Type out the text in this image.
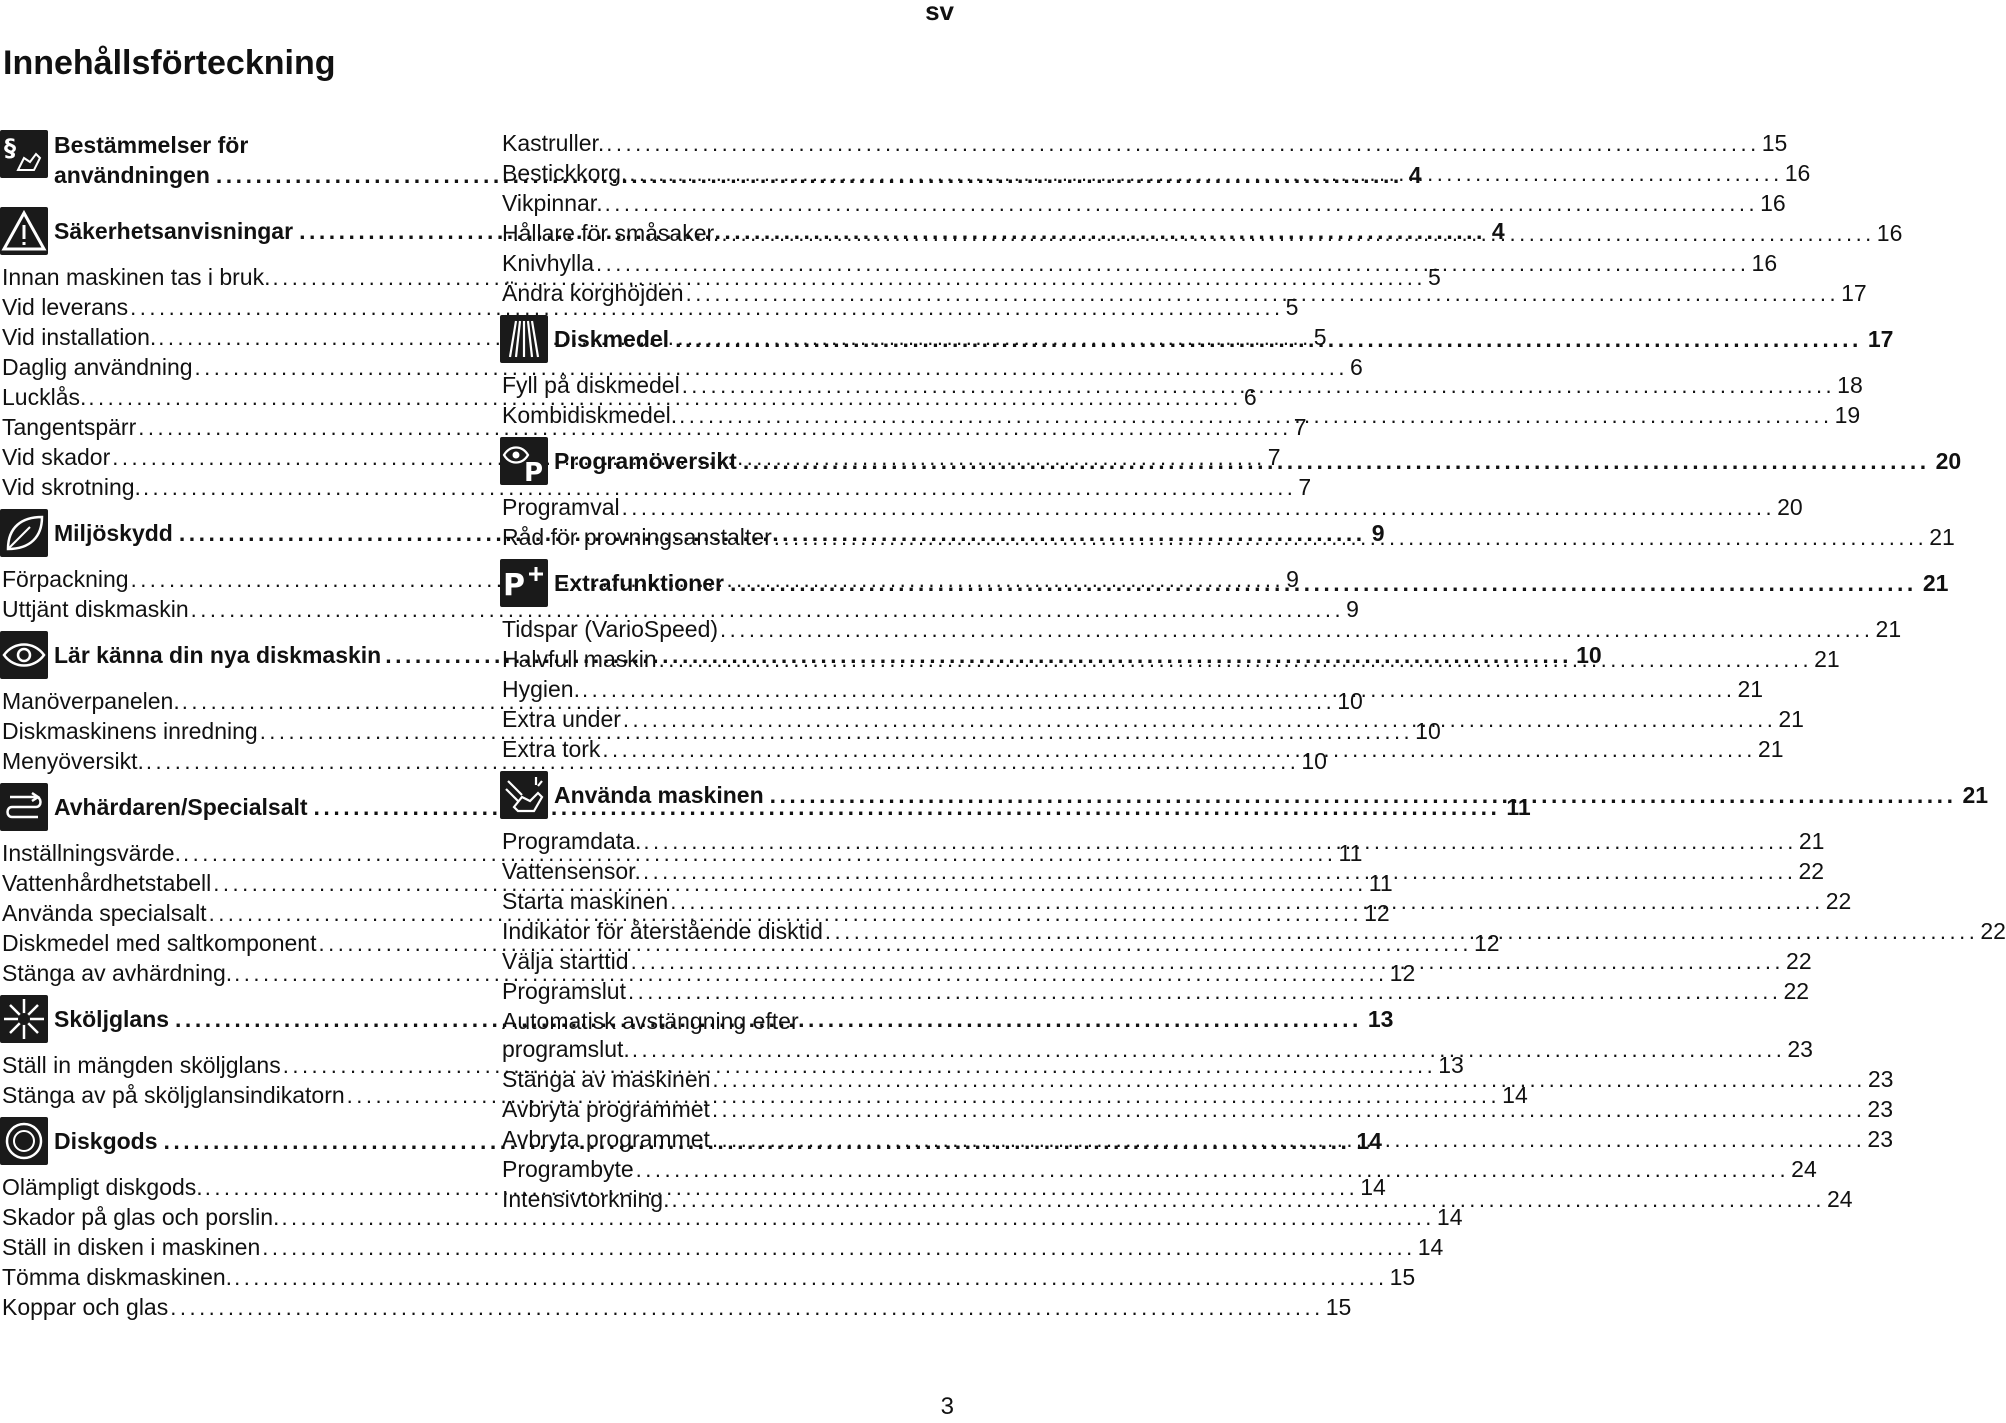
sv
Innehållsförteckning
§ Bestämmelser för
användningen .....	4
Säkerhetsanvisningar .....	4
Innan maskinen tas i bruk. .....	5
Vid leverans .....	5
Vid installation. .....	5
Daglig användning .....	6
Lucklås. .....	6
Tangentspärr .....	7
Vid skador .....	7
Vid skrotning. .....	7
Miljöskydd .....	9
Förpackning .....	9
Uttjänt diskmaskin .....	9
Lär känna din nya diskmaskin .....	10
Manöverpanelen. .....	10
Diskmaskinens inredning .....	10
Menyöversikt. .....	10
Avhärdaren/Specialsalt .....	11
Inställningsvärde. .....	11
Vattenhårdhetstabell .....	11
Använda specialsalt .....	12
Diskmedel med saltkomponent .....	12
Stänga av avhärdning. .....	12
Sköljglans .....	13
Ställ in mängden sköljglans .....	13
Stänga av på sköljglansindikatorn .....	14
Diskgods .....	14
Olämpligt diskgods. .....	14
Skador på glas och porslin. .....	14
Ställ in disken i maskinen .....	14
Tömma diskmaskinen. .....	15
Koppar och glas .....	15
Kastruller. .....	15
Bestickkorg. .....	16
Vikpinnar. .....	16
Hållare för småsaker. .....	16
Knivhylla .....	16
Ändra korghöjden .....	17
Diskmedel .....	17
Fyll på diskmedel .....	18
Kombidiskmedel. .....	19
P Programöversikt .....	20
Programval .....	20
Råd för provningsanstalter .....	21
P Extrafunktioner .....	21
Tidspar (VarioSpeed) .....	21
Halvfull maskin .....	21
Hygien. .....	21
Extra under .....	21
Extra tork .....	21
Använda maskinen .....	21
Programdata. .....	21
Vattensensor. .....	22
Starta maskinen .....	22
Indikator för återstående disktid .....	22
Välja starttid .....	22
Programslut .....	22
Automatisk avstängning efter
programslut. .....	23
Stänga av maskinen .....	23
Avbryta programmet .....	23
Avbryta programmet .....	23
Programbyte .....	24
Intensivtorkning. .....	24
3
